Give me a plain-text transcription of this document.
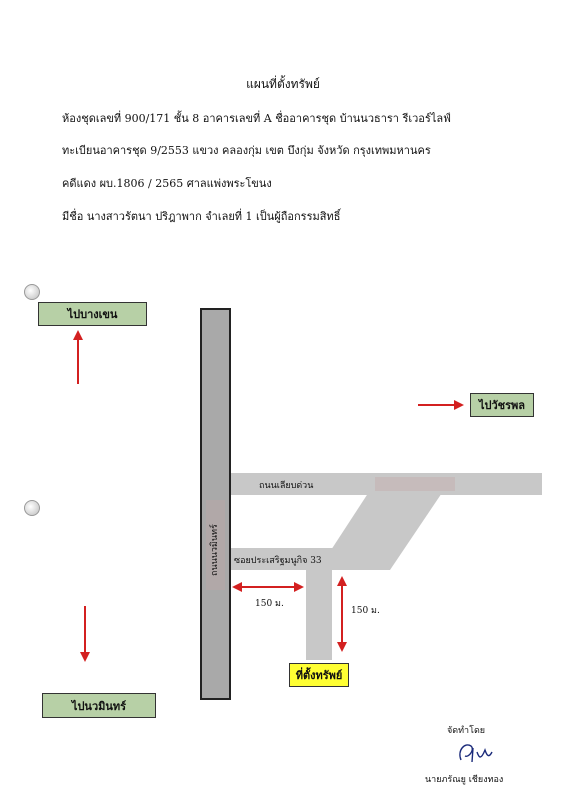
แผนที่ตั้งทรัพย์
ห้องชุดเลขที่ 900/171 ชั้น 8 อาคารเลขที่ A ชื่ออาคารชุด บ้านนวธารา รีเวอร์ไลฟ์
ทะเบียนอาคารชุด 9/2553 แขวง คลองกุ่ม เขต บึงกุ่ม จังหวัด กรุงเทพมหานคร
คดีแดง ผบ.1806 / 2565 ศาลแพ่งพระโขนง
มีชื่อ นางสาวรัตนา ปริฎาพาก จำเลยที่ 1 เป็นผู้ถือกรรมสิทธิ์
ไปบางเขน
ไปวัชรพล
ไปนวมินทร์
ถนนนวมินทร์
ถนนเลียบด่วน
ซอยประเสริฐมนูกิจ 33
150 ม.
150 ม.
ที่ตั้งทรัพย์
จัดทำโดย
นายภรัณยู เชียงทอง
